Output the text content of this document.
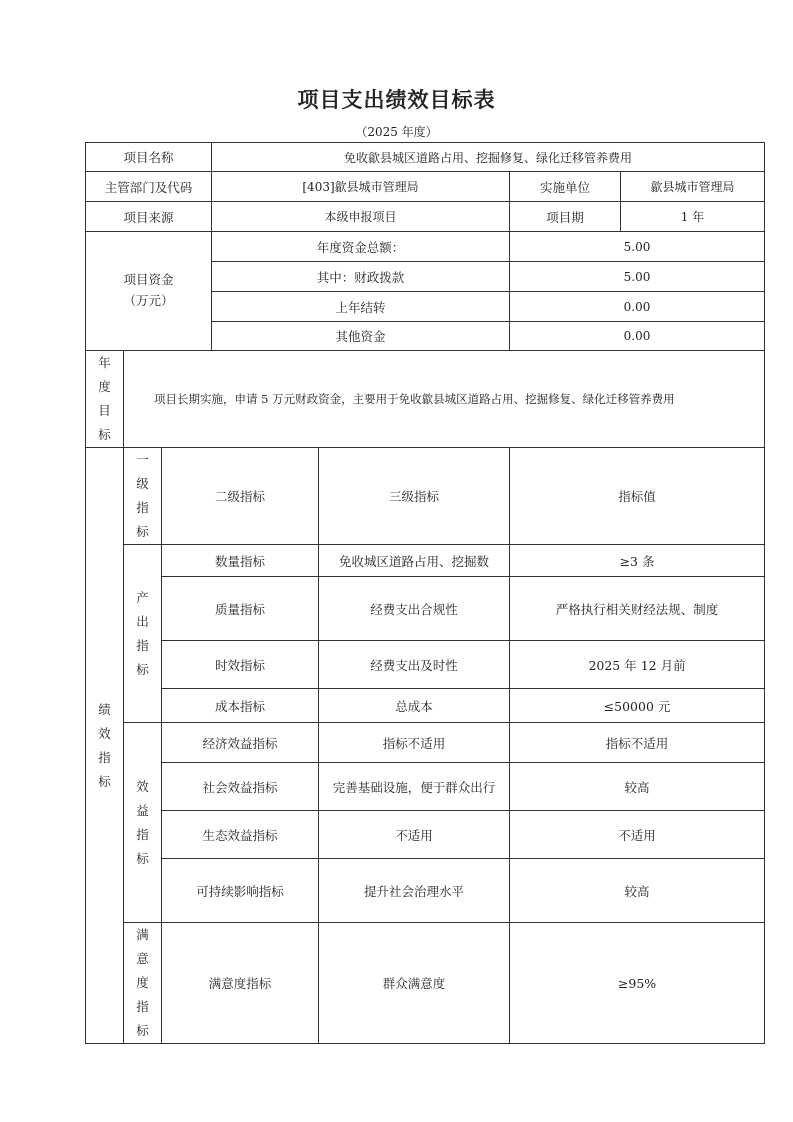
项目支出绩效目标表
（2025 年度）
项目名称			免收歙县城区道路占用、挖掘修复、绿化迁移管养费用			
主管部门及代码			[403]歙县城市管理局		实施单位	歙县城市管理局
项目来源			本级申报项目		项目期	1 年

项目资金
（万元）			年度资金总额：		5.00	
			其中：财政拨款		5.00	
			上年结转		0.00	
			其他资金		0.00	

年度目标	项目长期实施，申请 5 万元财政资金，主要用于免收歙县城区道路占用、挖掘修复、绿化迁移管养费用					

绩效指标	一级指标	二级指标		三级指标	指标值	

	产出指标	数量指标		免收城区道路占用、挖掘数	≥3 条	
		质量指标		经费支出合规性	严格执行相关财经法规、制度	
		时效指标		经费支出及时性	2025 年 12 月前	
		成本指标		总成本	≤50000 元	

	效益指标	经济效益指标		指标不适用	指标不适用	
		社会效益指标		完善基础设施，便于群众出行	较高	
		生态效益指标		不适用	不适用	
		可持续影响指标		提升社会治理水平	较高	

	满意度指标	满意度指标		群众满意度	≥95%	
